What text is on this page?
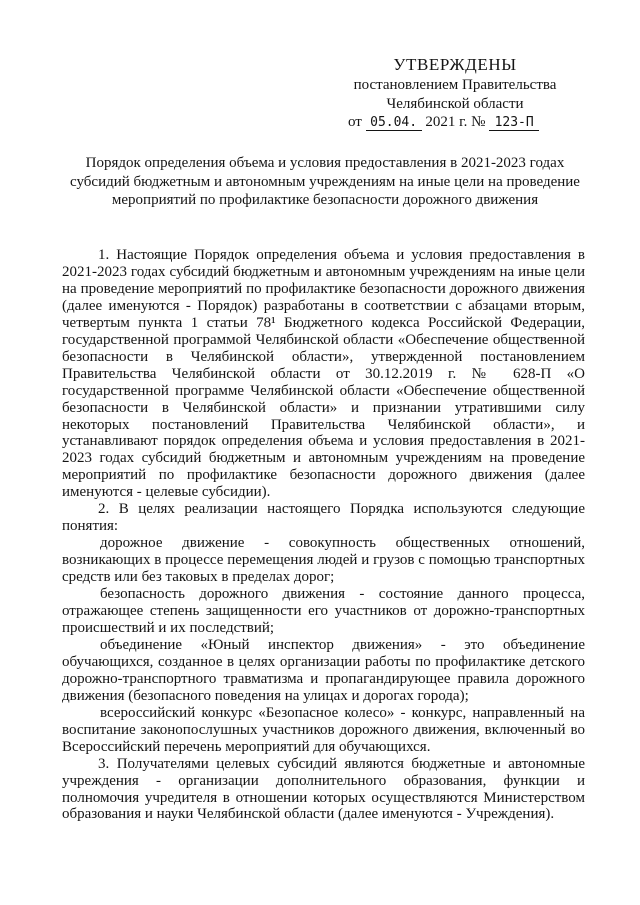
УТВЕРЖДЕНЫ
постановлением Правительства
Челябинской области
от 05.04. 2021 г. № 123-П
Порядок определения объема и условия предоставления в 2021-2023 годах
субсидий бюджетным и автономным учреждениям на иные цели на проведение
мероприятий по профилактике безопасности дорожного движения

1. Настоящие Порядок определения объема и условия предоставления в 2021-2023 годах субсидий бюджетным и автономным учреждениям на иные цели на проведение мероприятий по профилактике безопасности дорожного движения (далее именуются - Порядок) разработаны в соответствии с абзацами вторым, четвертым пункта 1 статьи 78¹ Бюджетного кодекса Российской Федерации, государственной программой Челябинской области «Обеспечение общественной безопасности в Челябинской области», утвержденной постановлением Правительства Челябинской области от 30.12.2019 г. № 628-П «О государственной программе Челябинской области «Обеспечение общественной безопасности в Челябинской области» и признании утратившими силу некоторых постановлений Правительства Челябинской области», и устанавливают порядок определения объема и условия предоставления в 2021-2023 годах субсидий бюджетным и автономным учреждениям на проведение мероприятий по профилактике безопасности дорожного движения (далее именуются - целевые субсидии).

2. В целях реализации настоящего Порядка используются следующие понятия:

дорожное движение - совокупность общественных отношений, возникающих в процессе перемещения людей и грузов с помощью транспортных средств или без таковых в пределах дорог;

безопасность дорожного движения - состояние данного процесса, отражающее степень защищенности его участников от дорожно-транспортных происшествий и их последствий;

объединение «Юный инспектор движения» - это объединение обучающихся, созданное в целях организации работы по профилактике детского дорожно-транспортного травматизма и пропагандирующее правила дорожного движения (безопасного поведения на улицах и дорогах города);

всероссийский конкурс «Безопасное колесо» - конкурс, направленный на воспитание законопослушных участников дорожного движения, включенный во Всероссийский перечень мероприятий для обучающихся.

3. Получателями целевых субсидий являются бюджетные и автономные учреждения - организации дополнительного образования, функции и полномочия учредителя в отношении которых осуществляются Министерством образования и науки Челябинской области (далее именуются - Учреждения).
